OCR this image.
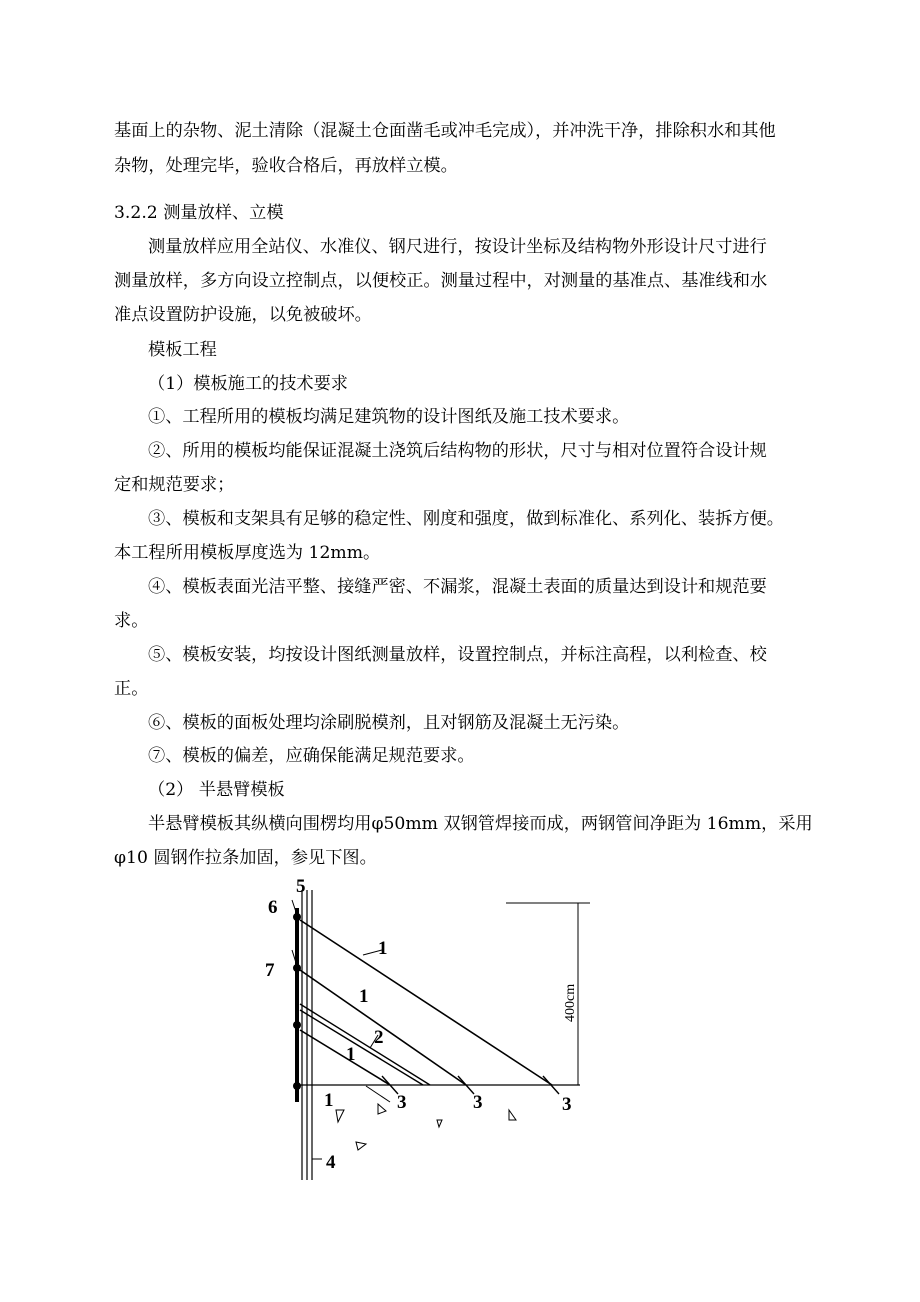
基面上的杂物、泥土清除（混凝土仓面凿毛或冲毛完成），并冲洗干净，排除积水和其他
杂物，处理完毕，验收合格后，再放样立模。
3.2.2 测量放样、立模
测量放样应用全站仪、水准仪、钢尺进行，按设计坐标及结构物外形设计尺寸进行
测量放样，多方向设立控制点，以便校正。测量过程中，对测量的基准点、基准线和水
准点设置防护设施，以免被破坏。
模板工程
（1）模板施工的技术要求
①、工程所用的模板均满足建筑物的设计图纸及施工技术要求。
②、所用的模板均能保证混凝土浇筑后结构物的形状，尺寸与相对位置符合设计规
定和规范要求；
③、模板和支架具有足够的稳定性、刚度和强度，做到标准化、系列化、装拆方便。
本工程所用模板厚度选为 12mm。
④、模板表面光洁平整、接缝严密、不漏浆，混凝土表面的质量达到设计和规范要
求。
⑤、模板安装，均按设计图纸测量放样，设置控制点，并标注高程，以利检查、校
正。
⑥、模板的面板处理均涂刷脱模剂，且对钢筋及混凝土无污染。
⑦、模板的偏差，应确保能满足规范要求。
（2） 半悬臂模板
半悬臂模板其纵横向围楞均用φ50mm 双钢管焊接而成，两钢管间净距为 16mm，采用
φ10 圆钢作拉条加固，参见下图。
5
6
7
1
1
1
1
2
3	3	3
4
400cm
